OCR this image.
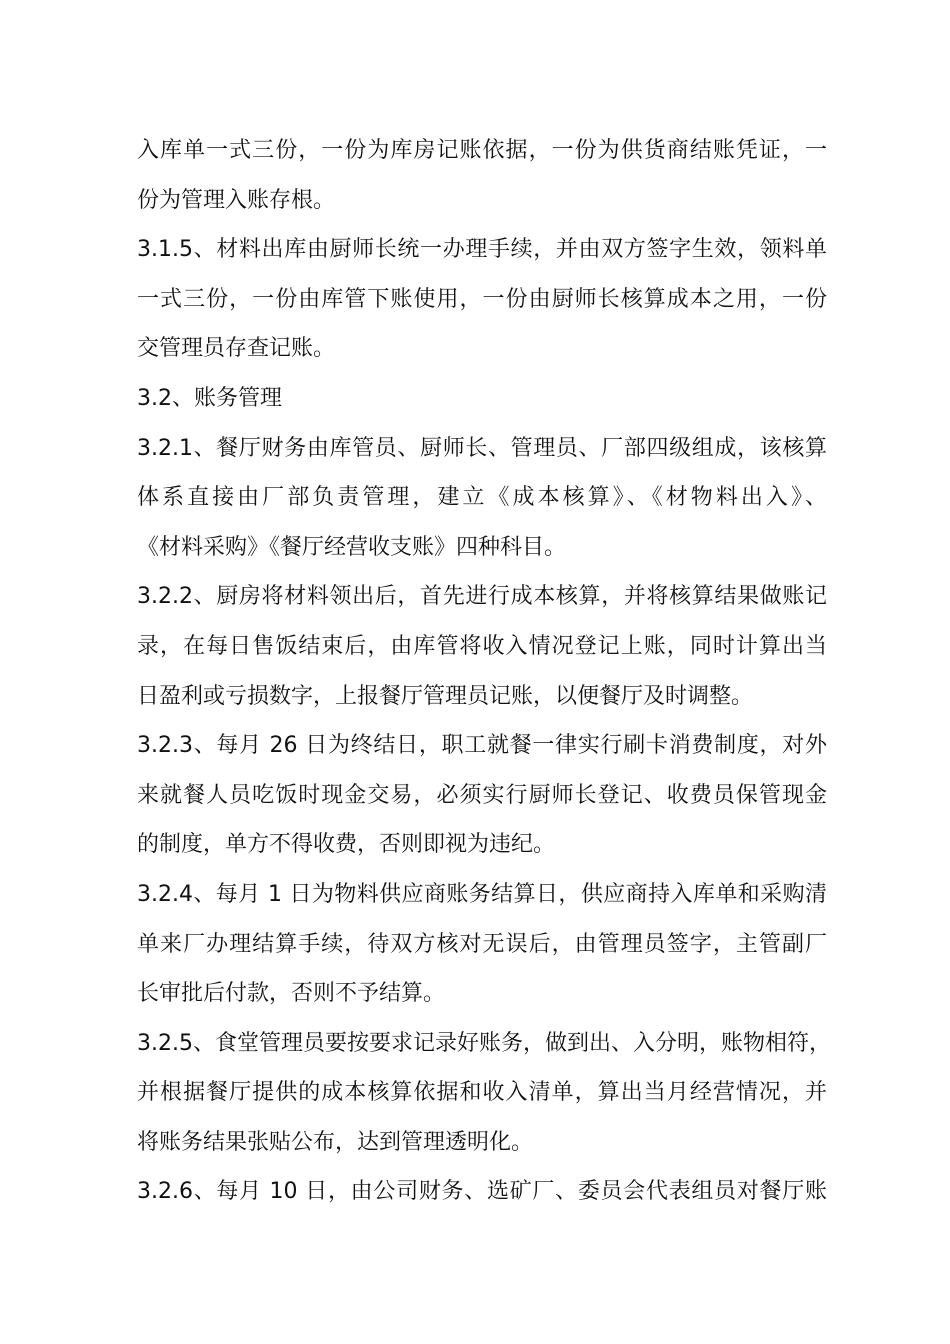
入库单一式三份，一份为库房记账依据，一份为供货商结账凭证，一
份为管理入账存根。
3.1.5、材料出库由厨师长统一办理手续，并由双方签字生效，领料单
一式三份，一份由库管下账使用，一份由厨师长核算成本之用，一份
交管理员存查记账。
3.2、账务管理
3.2.1、餐厅财务由库管员、厨师长、管理员、厂部四级组成，该核算
体系直接由厂部负责管理，建立《成本核算》、《材物料出入》、
《材料采购》《餐厅经营收支账》四种科目。
3.2.2、厨房将材料领出后，首先进行成本核算，并将核算结果做账记
录，在每日售饭结束后，由库管将收入情况登记上账，同时计算出当
日盈利或亏损数字，上报餐厅管理员记账，以便餐厅及时调整。
3.2.3、每月 26 日为终结日，职工就餐一律实行刷卡消费制度，对外
来就餐人员吃饭时现金交易，必须实行厨师长登记、收费员保管现金
的制度，单方不得收费，否则即视为违纪。
3.2.4、每月 1 日为物料供应商账务结算日，供应商持入库单和采购清
单来厂办理结算手续，待双方核对无误后，由管理员签字，主管副厂
长审批后付款，否则不予结算。
3.2.5、食堂管理员要按要求记录好账务，做到出、入分明，账物相符，
并根据餐厅提供的成本核算依据和收入清单，算出当月经营情况，并
将账务结果张贴公布，达到管理透明化。
3.2.6、每月 10 日，由公司财务、选矿厂、委员会代表组员对餐厅账
